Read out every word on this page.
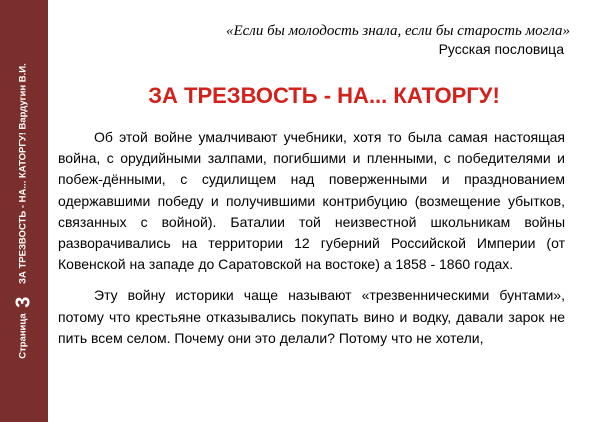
Страница 3 ЗА ТРЕЗВОСТЬ - НА... КАТОРГУ! Вардугин В.И.
«Если бы молодость знала, если бы старость могла»
Русская пословица
ЗА ТРЕЗВОСТЬ - НА... КАТОРГУ!

Об этой войне умалчивают учебники, хотя то была самая настоящая война, с орудийными залпами, погибшими и пленными, с победителями и побеж-дёнными, с судилищем над поверженными и празднованием одержавшими победу и получившими контрибуцию (возмещение убытков, связанных с войной). Баталии той неизвестной школьникам войны разворачивались на территории 12 губерний Российской Империи (от Ковенской на западе до Саратовской на востоке) а 1858 - 1860 годах.

Эту войну историки чаще называют «трезвенническими бунтами», потому что крестьяне отказывались покупать вино и водку, давали зарок не пить всем селом. Почему они это делали? Потому что не хотели,
